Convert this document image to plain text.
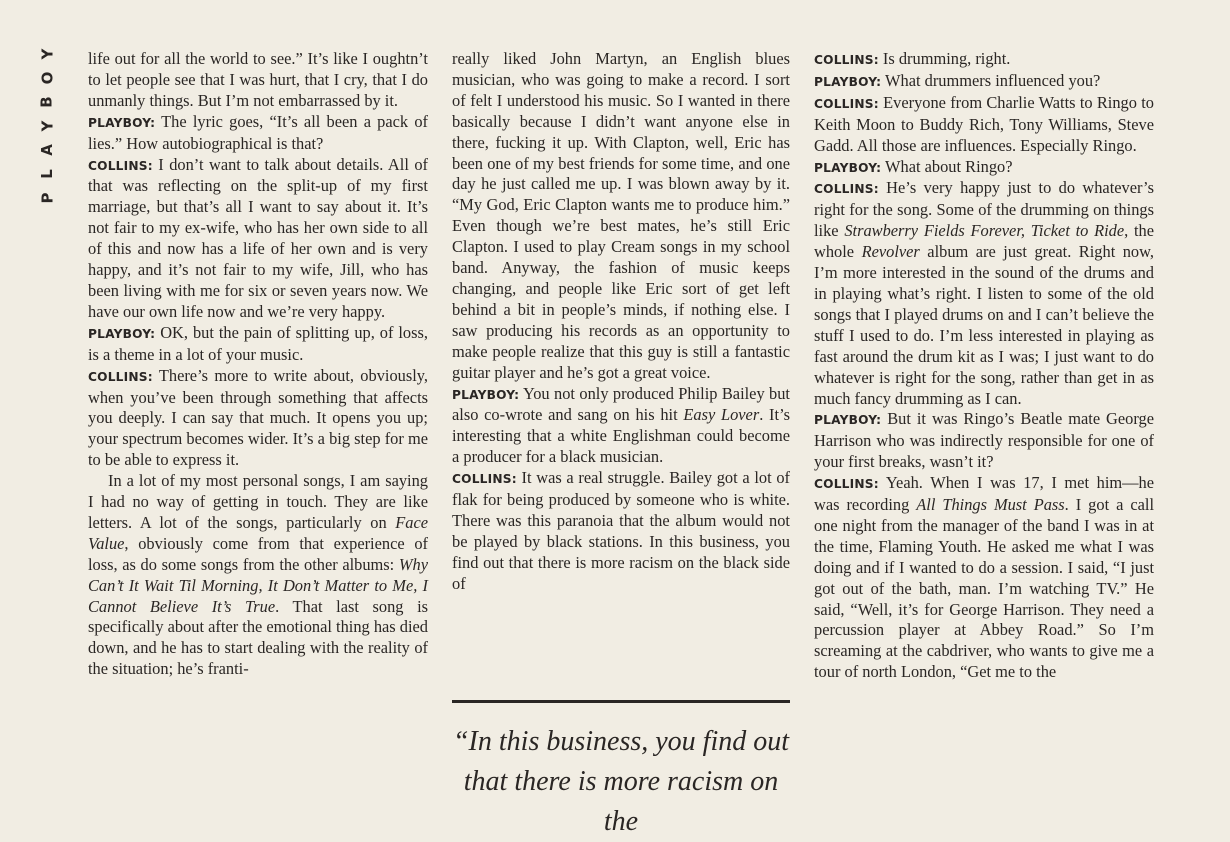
Y
O
B
Y
A
L
P

life out for all the world to see.” It’s like I oughtn’t to let people see that I was hurt, that I cry, that I do unmanly things. But I’m not embarrassed by it.

PLAYBOY: The lyric goes, “It’s all been a pack of lies.” How autobiographical is that?

COLLINS: I don’t want to talk about details. All of that was reflecting on the split-up of my first marriage, but that’s all I want to say about it. It’s not fair to my ex-wife, who has her own side to all of this and now has a life of her own and is very happy, and it’s not fair to my wife, Jill, who has been living with me for six or seven years now. We have our own life now and we’re very happy.

PLAYBOY: OK, but the pain of splitting up, of loss, is a theme in a lot of your music.

COLLINS: There’s more to write about, obviously, when you’ve been through something that affects you deeply. I can say that much. It opens you up; your spectrum becomes wider. It’s a big step for me to be able to express it.

In a lot of my most personal songs, I am saying I had no way of getting in touch. They are like letters. A lot of the songs, particularly on Face Value, obviously come from that experience of loss, as do some songs from the other albums: Why Can’t It Wait Til Morning, It Don’t Matter to Me, I Cannot Believe It’s True. That last song is specifically about after the emotional thing has died down, and he has to start dealing with the reality of the situation; he’s franti-

really liked John Martyn, an English blues musician, who was going to make a record. I sort of felt I understood his music. So I wanted in there basically because I didn’t want anyone else in there, fucking it up. With Clapton, well, Eric has been one of my best friends for some time, and one day he just called me up. I was blown away by it. “My God, Eric Clapton wants me to produce him.” Even though we’re best mates, he’s still Eric Clapton. I used to play Cream songs in my school band. Anyway, the fashion of music keeps changing, and people like Eric sort of get left behind a bit in people’s minds, if nothing else. I saw producing his records as an opportunity to make people realize that this guy is still a fantastic guitar player and he’s got a great voice.

PLAYBOY: You not only produced Philip Bailey but also co-wrote and sang on his hit Easy Lover. It’s interesting that a white Englishman could become a producer for a black musician.

COLLINS: It was a real struggle. Bailey got a lot of flak for being produced by someone who is white. There was this paranoia that the album would not be played by black stations. In this business, you find out that there is more racism on the black side of

“In this business, you find out that there is more racism on the

COLLINS: Is drumming, right.

PLAYBOY: What drummers influenced you?

COLLINS: Everyone from Charlie Watts to Ringo to Keith Moon to Buddy Rich, Tony Williams, Steve Gadd. All those are influences. Especially Ringo.

PLAYBOY: What about Ringo?

COLLINS: He’s very happy just to do whatever’s right for the song. Some of the drumming on things like Strawberry Fields Forever, Ticket to Ride, the whole Revolver album are just great. Right now, I’m more interested in the sound of the drums and in playing what’s right. I listen to some of the old songs that I played drums on and I can’t believe the stuff I used to do. I’m less interested in playing as fast around the drum kit as I was; I just want to do whatever is right for the song, rather than get in as much fancy drumming as I can.

PLAYBOY: But it was Ringo’s Beatle mate George Harrison who was indirectly responsible for one of your first breaks, wasn’t it?

COLLINS: Yeah. When I was 17, I met him—he was recording All Things Must Pass. I got a call one night from the manager of the band I was in at the time, Flaming Youth. He asked me what I was doing and if I wanted to do a session. I said, “I just got out of the bath, man. I’m watching TV.” He said, “Well, it’s for George Harrison. They need a percussion player at Abbey Road.” So I’m screaming at the cabdriver, who wants to give me a tour of north London, “Get me to the
